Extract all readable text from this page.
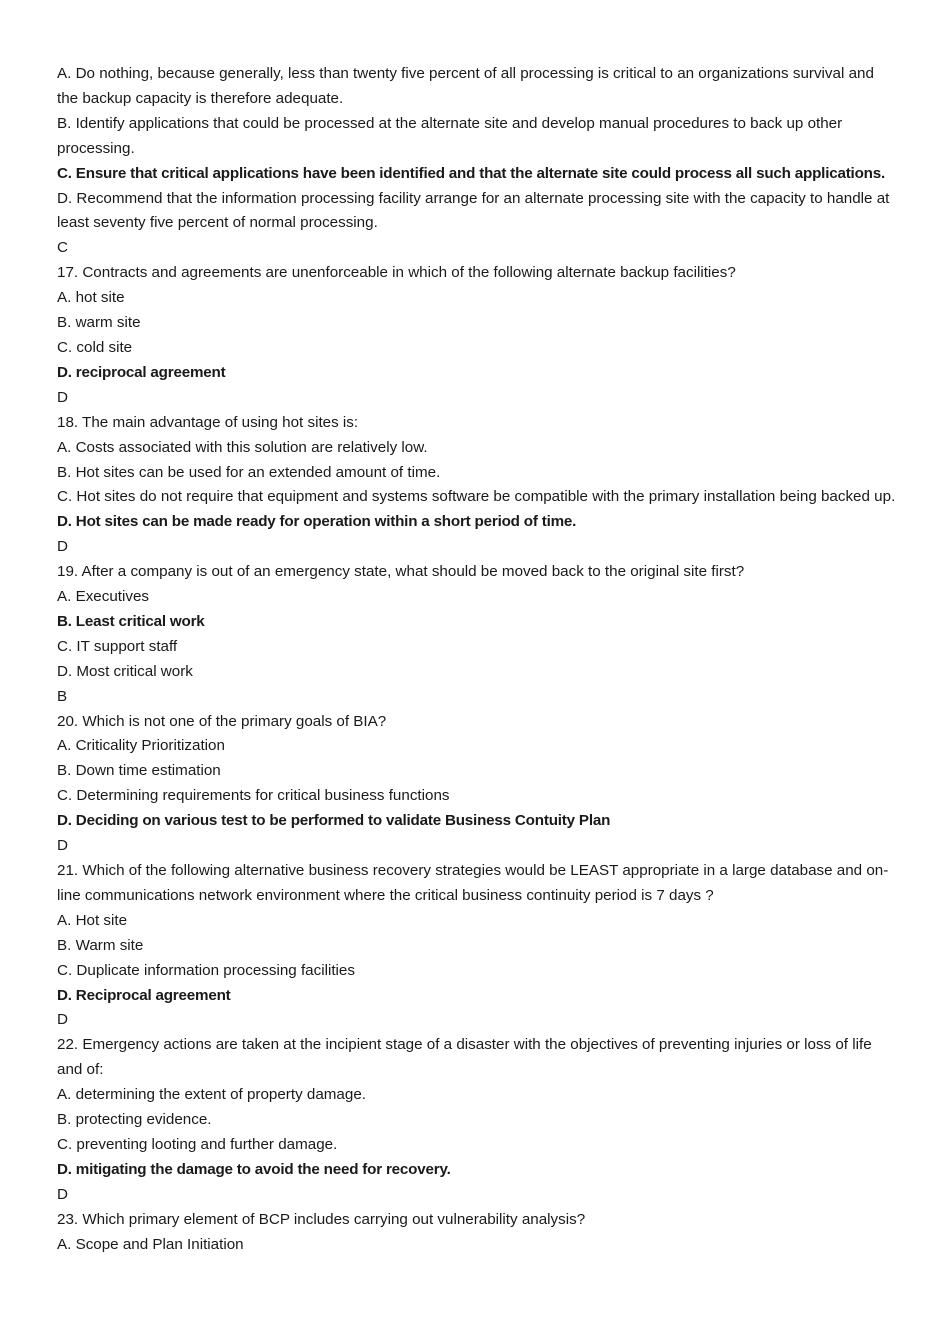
A. Do nothing, because generally, less than twenty five percent of all processing is critical to an organizations survival and the backup capacity is therefore adequate.

B. Identify applications that could be processed at the alternate site and develop manual procedures to back up other processing.

C. Ensure that critical applications have been identified and that the alternate site could process all such applications.

D. Recommend that the information processing facility arrange for an alternate processing site with the capacity to handle at least seventy five percent of normal processing.

C

17. Contracts and agreements are unenforceable in which of the following alternate backup facilities?

A. hot site

B. warm site

C. cold site

D. reciprocal agreement

D

18. The main advantage of using hot sites is:

A. Costs associated with this solution are relatively low.

B. Hot sites can be used for an extended amount of time.

C. Hot sites do not require that equipment and systems software be compatible with the primary installation being backed up.

D. Hot sites can be made ready for operation within a short period of time.

D

19. After a company is out of an emergency state, what should be moved back to the original site first?

A. Executives

B. Least critical work

C. IT support staff

D. Most critical work

B

20. Which is not one of the primary goals of BIA?

A. Criticality Prioritization

B. Down time estimation

C. Determining requirements for critical business functions

D. Deciding on various test to be performed to validate Business Contuity Plan

D

21. Which of the following alternative business recovery strategies would be LEAST appropriate in a large database and on-line communications network environment where the critical business continuity period is 7 days ?

A. Hot site

B. Warm site

C. Duplicate information processing facilities

D. Reciprocal agreement

D

22. Emergency actions are taken at the incipient stage of a disaster with the objectives of preventing injuries or loss of life and of:

A. determining the extent of property damage.

B. protecting evidence.

C. preventing looting and further damage.

D. mitigating the damage to avoid the need for recovery.

D

23. Which primary element of BCP includes carrying out vulnerability analysis?

A. Scope and Plan Initiation
